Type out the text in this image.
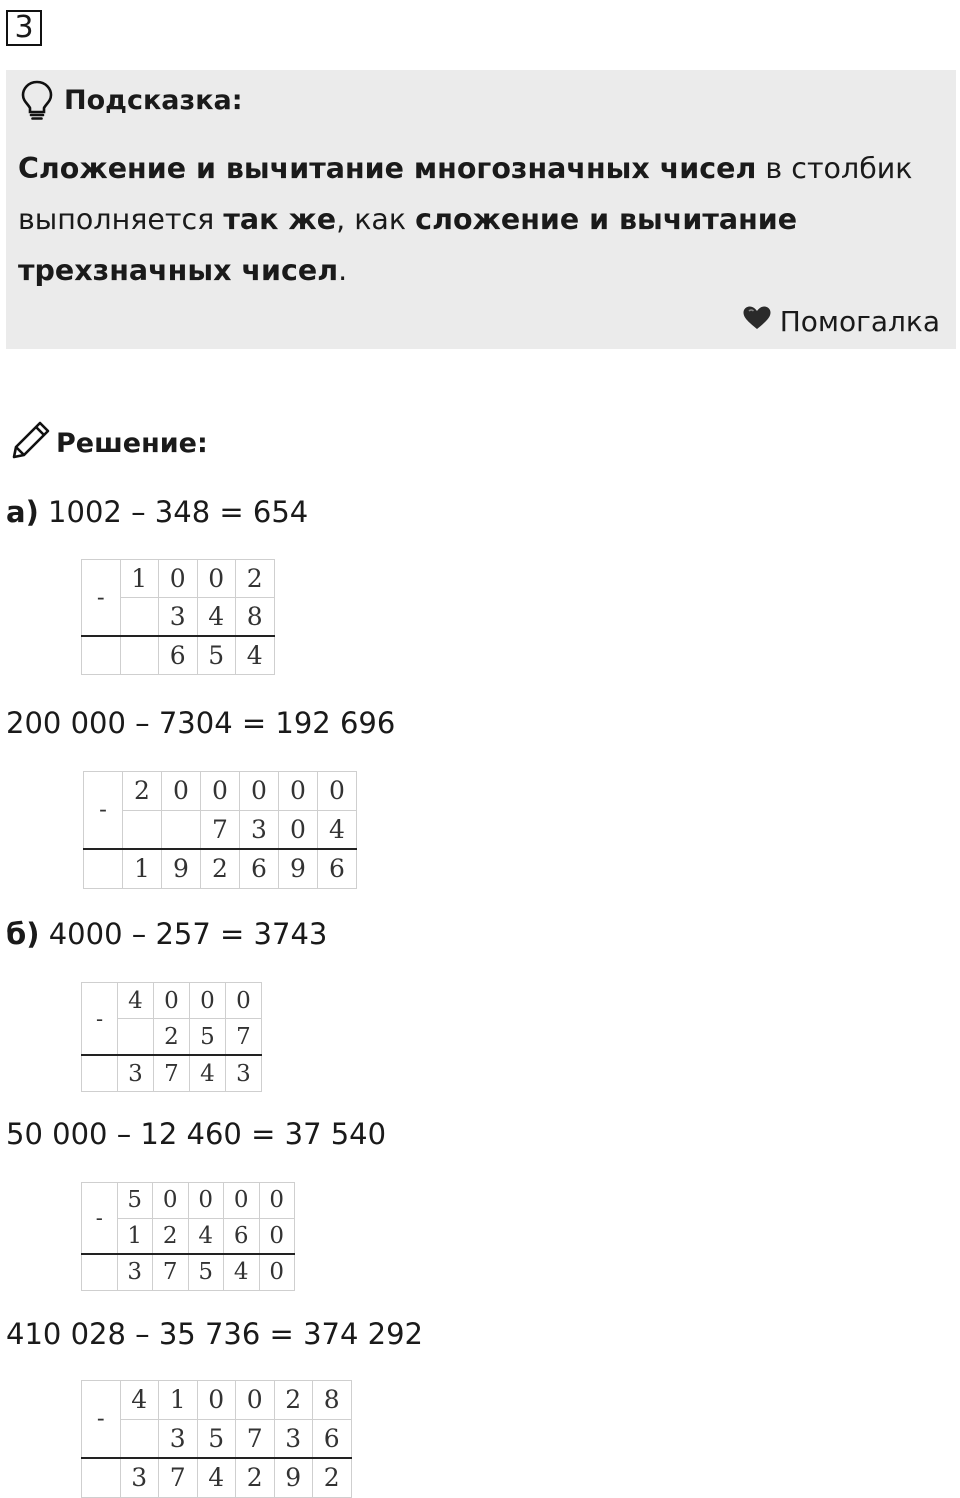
3
Подсказка:
Сложение и вычитание многозначных чисел в столбик
выполняется так же, как сложение и вычитание
трехзначных чисел.
Помогалка
Решение:
а) 1002 – 348 = 654
200 000 – 7304 = 192 696
б) 4000 – 257 = 3743
50 000 – 12 460 = 37 540
410 028 – 35 736 = 374 292
-	1	0	0	2
		3	4	8
		6	5	4
-	2	0	0	0	0	0
			7	3	0	4
	1	9	2	6	9	6
-	4	0	0	0
		2	5	7
	3	7	4	3
-	5	0	0	0	0
	1	2	4	6	0
	3	7	5	4	0
-	4	1	0	0	2	8
		3	5	7	3	6
	3	7	4	2	9	2
